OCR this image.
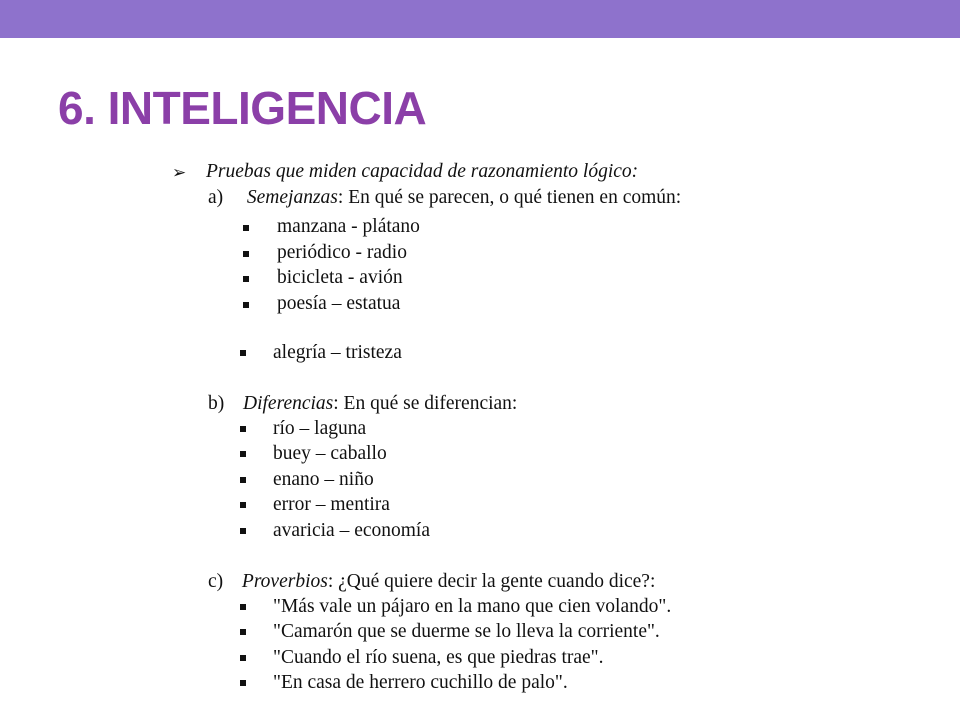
6. INTELIGENCIA
➢ Pruebas que miden capacidad de razonamiento lógico:
a) Semejanzas: En qué se parecen, o qué tienen en común:
manzana - plátano
periódico - radio
bicicleta - avión
poesía – estatua
alegría – tristeza
b) Diferencias: En qué se diferencian:
río – laguna
buey – caballo
enano – niño
error – mentira
avaricia – economía
c) Proverbios: ¿Qué quiere decir la gente cuando dice?:
"Más vale un pájaro en la mano que cien volando".
"Camarón que se duerme se lo lleva la corriente".
"Cuando el río suena, es que piedras trae".
"En casa de herrero cuchillo de palo".
